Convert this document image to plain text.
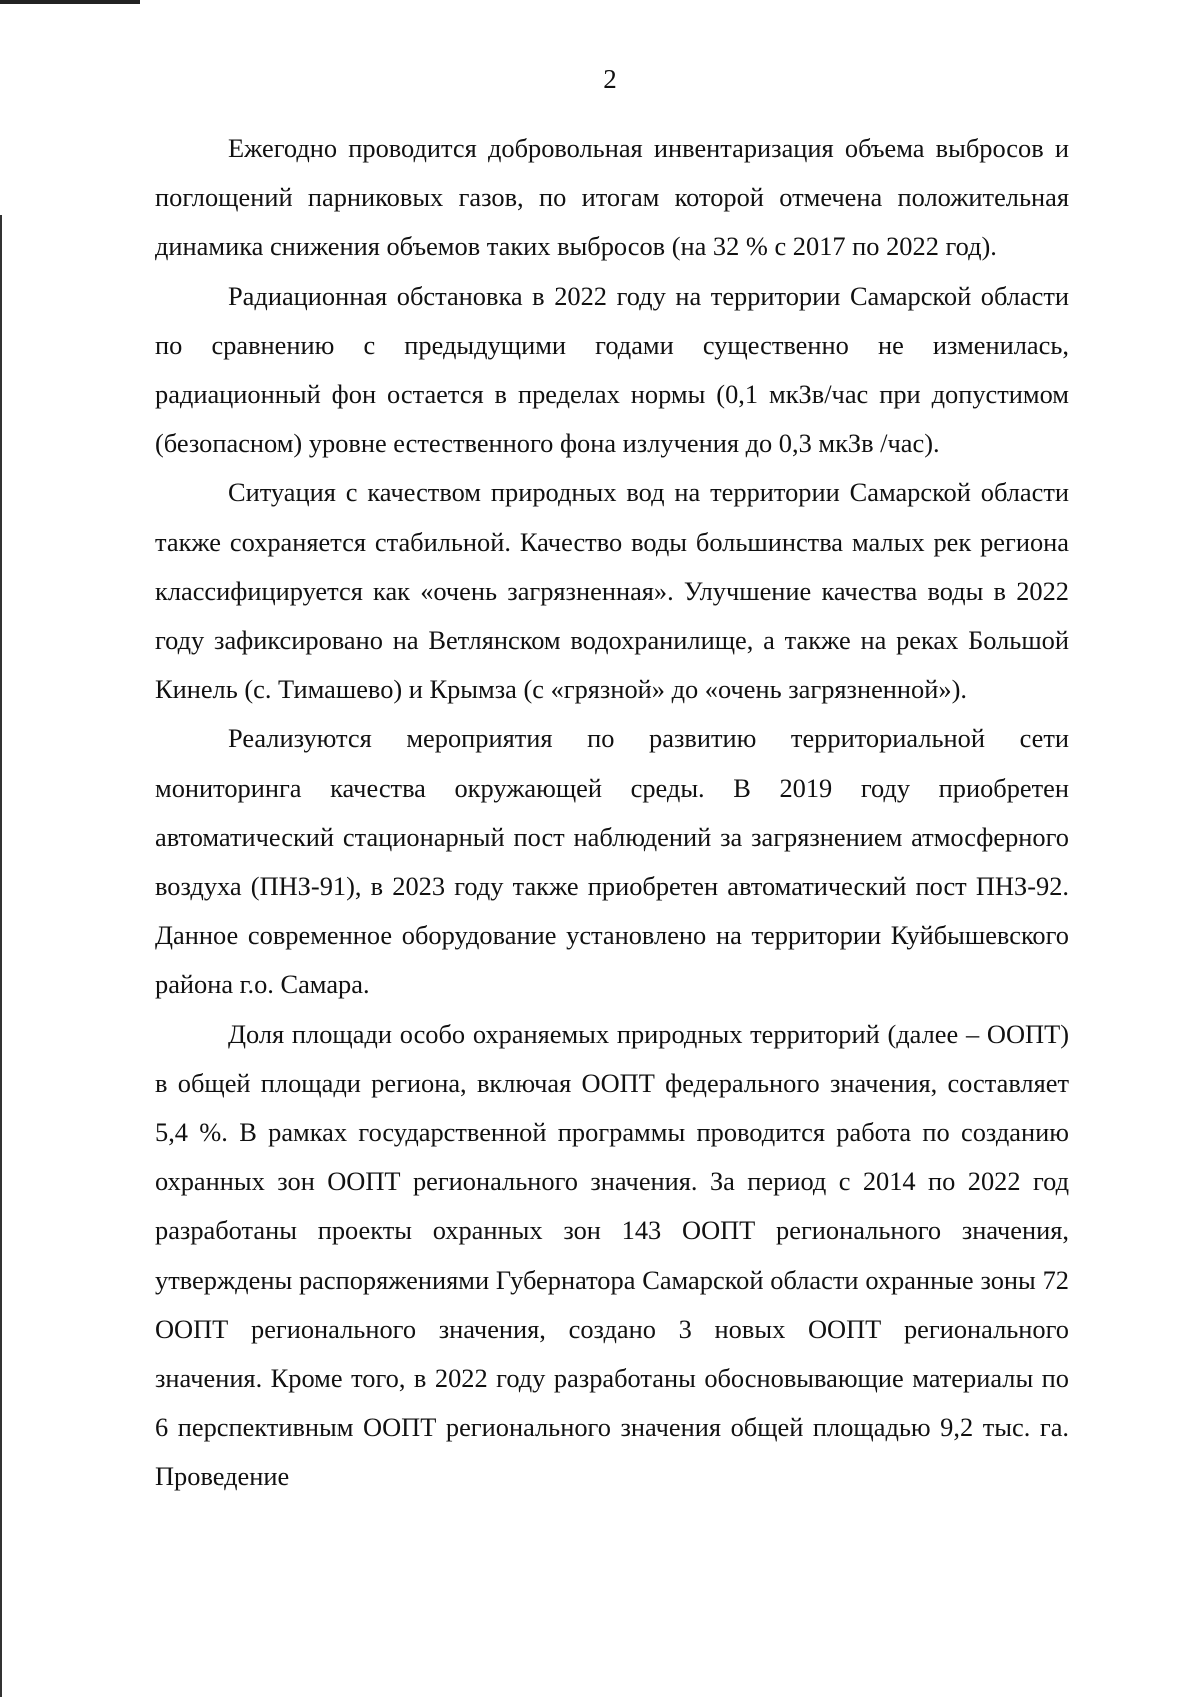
2

Ежегодно проводится добровольная инвентаризация объема выбросов и поглощений парниковых газов, по итогам которой отмечена положительная динамика снижения объемов таких выбросов (на 32 % с 2017 по 2022 год).

Радиационная обстановка в 2022 году на территории Самарской области по сравнению с предыдущими годами существенно не изменилась, радиационный фон остается в пределах нормы (0,1 мкЗв/час при допустимом (безопасном) уровне естественного фона излучения до 0,3 мкЗв /час).

Ситуация с качеством природных вод на территории Самарской области также сохраняется стабильной. Качество воды большинства малых рек региона классифицируется как «очень загрязненная». Улучшение качества воды в 2022 году зафиксировано на Ветлянском водохранилище, а также на реках Большой Кинель (с. Тимашево) и Крымза (с «грязной» до «очень загрязненной»).

Реализуются мероприятия по развитию территориальной сети мониторинга качества окружающей среды. В 2019 году приобретен автоматический стационарный пост наблюдений за загрязнением атмосферного воздуха (ПНЗ-91), в 2023 году также приобретен автоматический пост ПНЗ-92. Данное современное оборудование установлено на территории Куйбышевского района г.о. Самара.

Доля площади особо охраняемых природных территорий (далее – ООПТ) в общей площади региона, включая ООПТ федерального значения, составляет 5,4 %. В рамках государственной программы проводится работа по созданию охранных зон ООПТ регионального значения. За период с 2014 по 2022 год разработаны проекты охранных зон 143 ООПТ регионального значения, утверждены распоряжениями Губернатора Самарской области охранные зоны 72 ООПТ регионального значения, создано 3 новых ООПТ регионального значения. Кроме того, в 2022 году разработаны обосновывающие материалы по 6 перспективным ООПТ регионального значения общей площадью 9,2 тыс. га. Проведение
